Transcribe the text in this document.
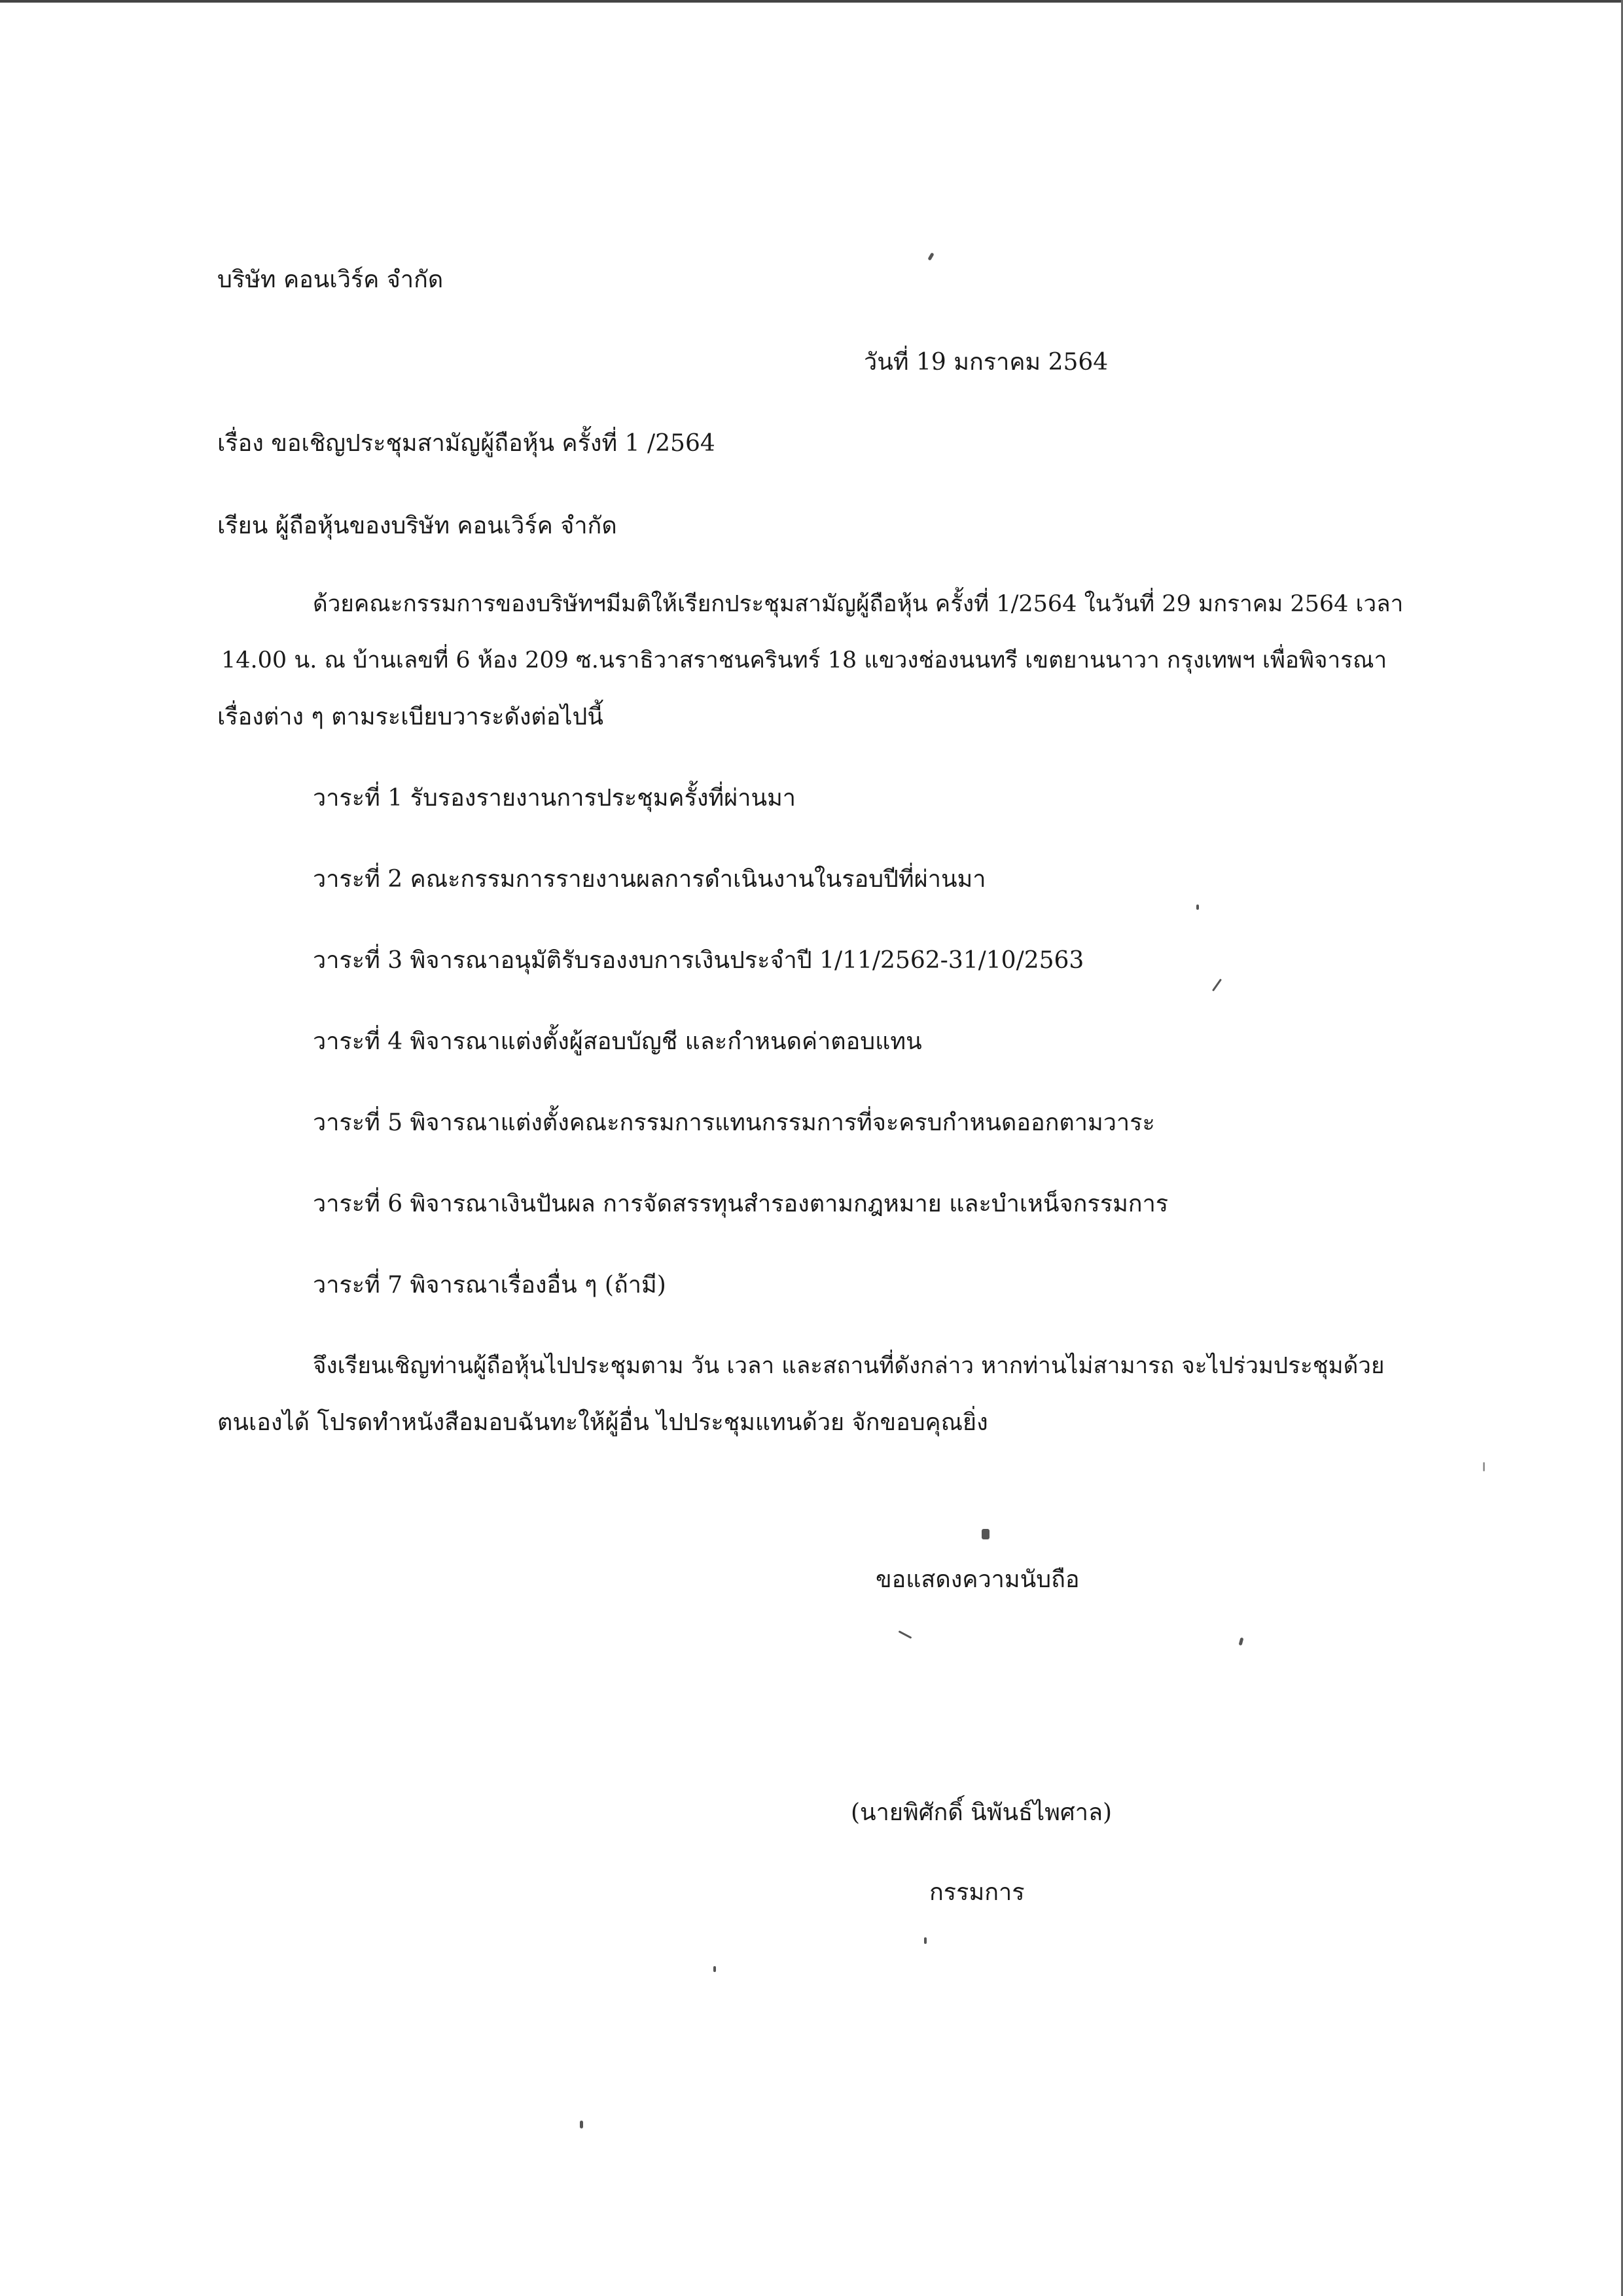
บริษัท คอนเวิร์ค จำกัด
วันที่ 19 มกราคม 2564
เรื่อง ขอเชิญประชุมสามัญผู้ถือหุ้น ครั้งที่ 1 /2564
เรียน ผู้ถือหุ้นของบริษัท คอนเวิร์ค จำกัด
ด้วยคณะกรรมการของบริษัทฯมีมติให้เรียกประชุมสามัญผู้ถือหุ้น ครั้งที่ 1/2564 ในวันที่ 29 มกราคม 2564 เวลา
14.00 น. ณ บ้านเลขที่ 6 ห้อง 209 ซ.นราธิวาสราชนครินทร์ 18 แขวงช่องนนทรี เขตยานนาวา กรุงเทพฯ เพื่อพิจารณา
เรื่องต่าง ๆ ตามระเบียบวาระดังต่อไปนี้
วาระที่ 1 รับรองรายงานการประชุมครั้งที่ผ่านมา
วาระที่ 2 คณะกรรมการรายงานผลการดำเนินงานในรอบปีที่ผ่านมา
วาระที่ 3 พิจารณาอนุมัติรับรองงบการเงินประจำปี 1/11/2562-31/10/2563
วาระที่ 4 พิจารณาแต่งตั้งผู้สอบบัญชี และกำหนดค่าตอบแทน
วาระที่ 5 พิจารณาแต่งตั้งคณะกรรมการแทนกรรมการที่จะครบกำหนดออกตามวาระ
วาระที่ 6 พิจารณาเงินปันผล การจัดสรรทุนสำรองตามกฎหมาย และบำเหน็จกรรมการ
วาระที่ 7 พิจารณาเรื่องอื่น ๆ (ถ้ามี)
จึงเรียนเชิญท่านผู้ถือหุ้นไปประชุมตาม วัน เวลา และสถานที่ดังกล่าว หากท่านไม่สามารถ จะไปร่วมประชุมด้วย
ตนเองได้ โปรดทำหนังสือมอบฉันทะให้ผู้อื่น ไปประชุมแทนด้วย จักขอบคุณยิ่ง
ขอแสดงความนับถือ
(นายพิศักดิ์ นิพันธ์ไพศาล)
กรรมการ
